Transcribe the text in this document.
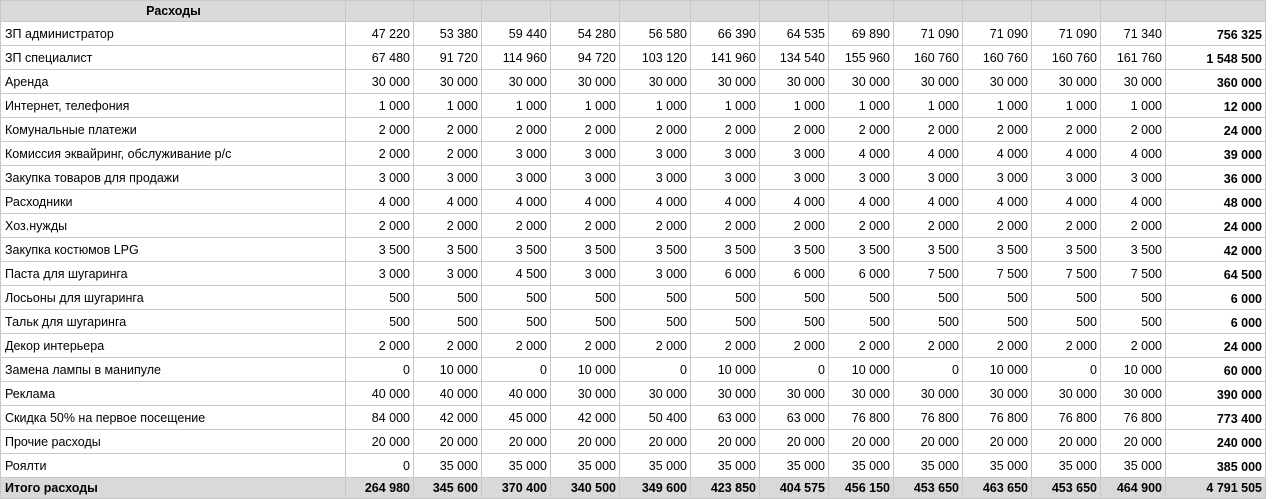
Расходы													
ЗП администратор	47 220	53 380	59 440	54 280	56 580	66 390	64 535	69 890	71 090	71 090	71 090	71 340	756 325
ЗП специалист	67 480	91 720	114 960	94 720	103 120	141 960	134 540	155 960	160 760	160 760	160 760	161 760	1 548 500
Аренда	30 000	30 000	30 000	30 000	30 000	30 000	30 000	30 000	30 000	30 000	30 000	30 000	360 000
Интернет, телефония	1 000	1 000	1 000	1 000	1 000	1 000	1 000	1 000	1 000	1 000	1 000	1 000	12 000
Комунальные платежи	2 000	2 000	2 000	2 000	2 000	2 000	2 000	2 000	2 000	2 000	2 000	2 000	24 000
Комиссия эквайринг, обслуживание р/с	2 000	2 000	3 000	3 000	3 000	3 000	3 000	4 000	4 000	4 000	4 000	4 000	39 000
Закупка товаров для продажи	3 000	3 000	3 000	3 000	3 000	3 000	3 000	3 000	3 000	3 000	3 000	3 000	36 000
Расходники	4 000	4 000	4 000	4 000	4 000	4 000	4 000	4 000	4 000	4 000	4 000	4 000	48 000
Хоз.нужды	2 000	2 000	2 000	2 000	2 000	2 000	2 000	2 000	2 000	2 000	2 000	2 000	24 000
Закупка костюмов LPG	3 500	3 500	3 500	3 500	3 500	3 500	3 500	3 500	3 500	3 500	3 500	3 500	42 000
Паста для шугаринга	3 000	3 000	4 500	3 000	3 000	6 000	6 000	6 000	7 500	7 500	7 500	7 500	64 500
Лосьоны для шугаринга	500	500	500	500	500	500	500	500	500	500	500	500	6 000
Тальк для шугаринга	500	500	500	500	500	500	500	500	500	500	500	500	6 000
Декор интерьера	2 000	2 000	2 000	2 000	2 000	2 000	2 000	2 000	2 000	2 000	2 000	2 000	24 000
Замена лампы в манипуле	0	10 000	0	10 000	0	10 000	0	10 000	0	10 000	0	10 000	60 000
Реклама	40 000	40 000	40 000	30 000	30 000	30 000	30 000	30 000	30 000	30 000	30 000	30 000	390 000
Скидка 50% на первое посещение	84 000	42 000	45 000	42 000	50 400	63 000	63 000	76 800	76 800	76 800	76 800	76 800	773 400
Прочие расходы	20 000	20 000	20 000	20 000	20 000	20 000	20 000	20 000	20 000	20 000	20 000	20 000	240 000
Роялти	0	35 000	35 000	35 000	35 000	35 000	35 000	35 000	35 000	35 000	35 000	35 000	385 000
Итого расходы	264 980	345 600	370 400	340 500	349 600	423 850	404 575	456 150	453 650	463 650	453 650	464 900	4 791 505
